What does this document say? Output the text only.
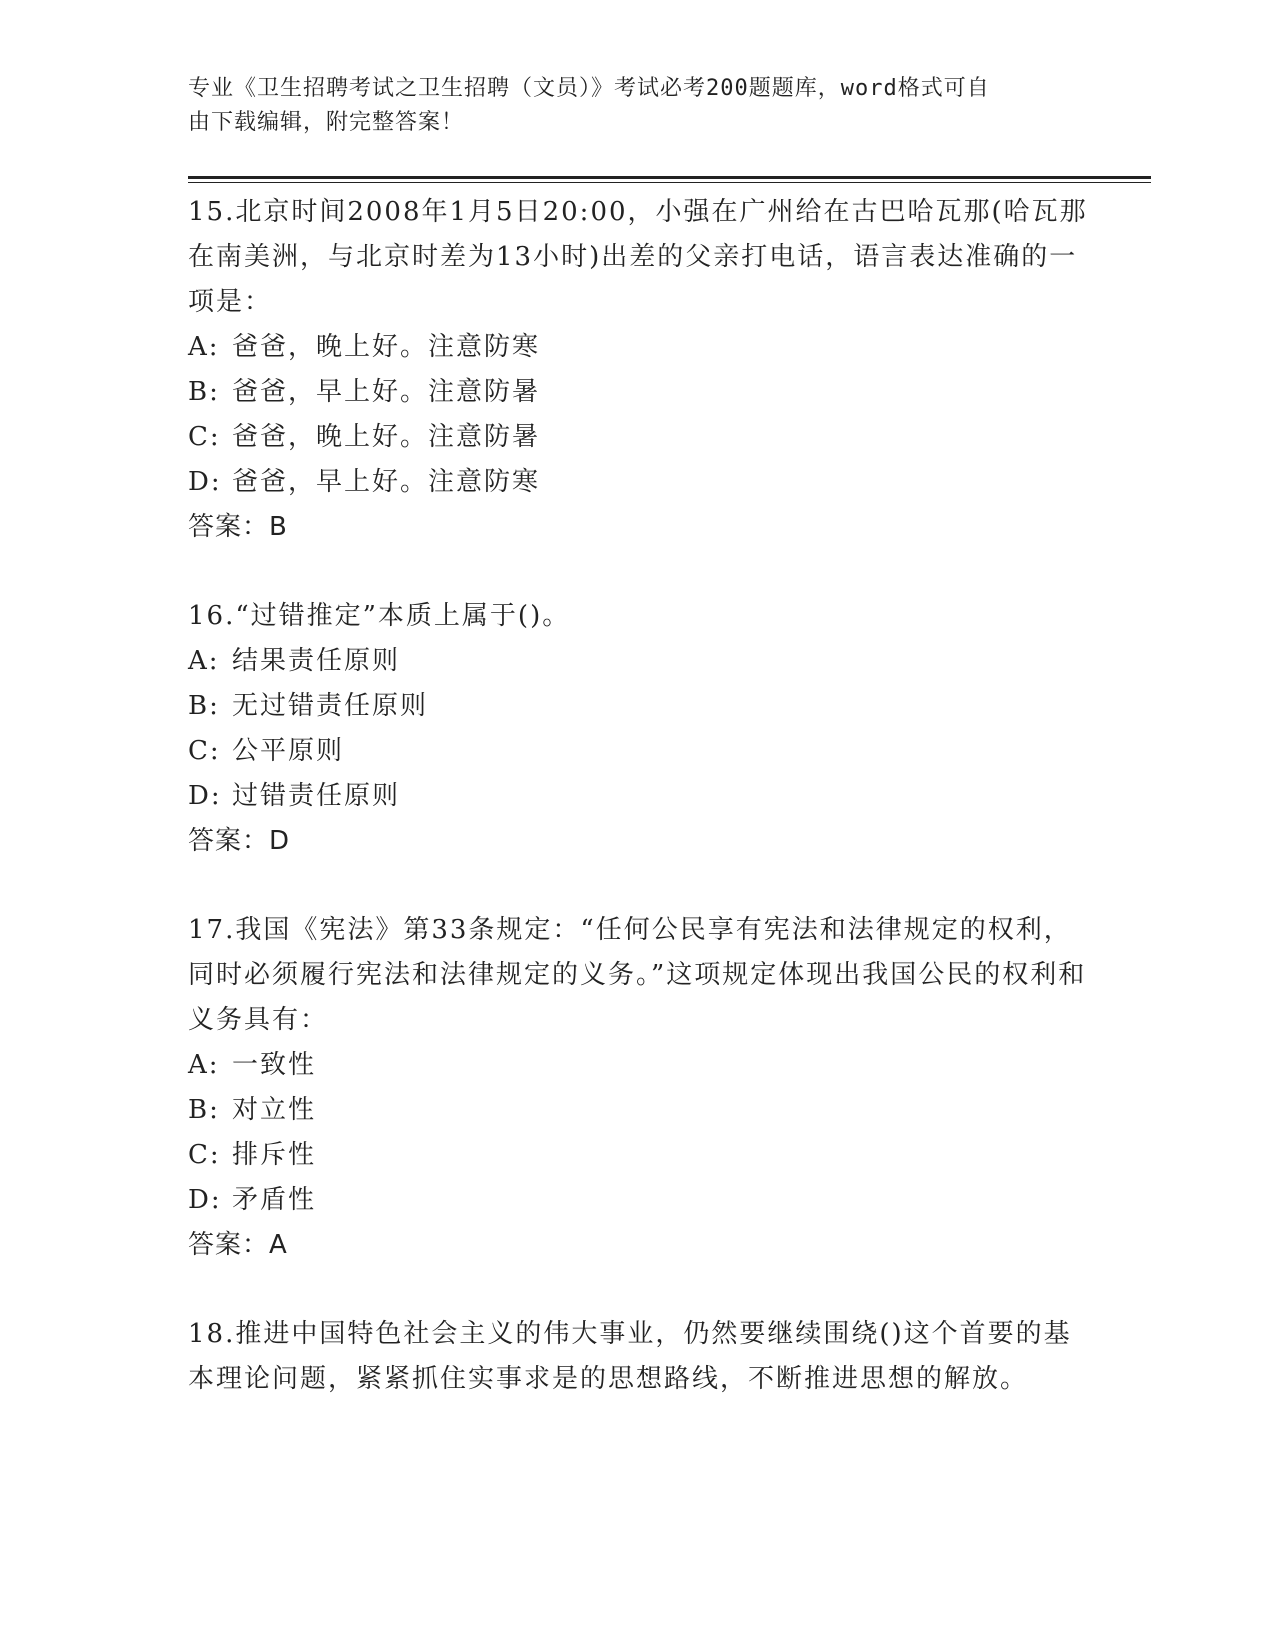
专业《卫生招聘考试之卫生招聘（文员）》考试必考200题题库，word格式可自
由下载编辑，附完整答案！
15.北京时间2008年1月5日20:00，小强在广州给在古巴哈瓦那(哈瓦那在南美洲，与北京时差为13小时)出差的父亲打电话，语言表达准确的一项是：
A: 爸爸，晚上好。注意防寒
B: 爸爸，早上好。注意防暑
C: 爸爸，晚上好。注意防暑
D: 爸爸，早上好。注意防寒
答案：B
16.“过错推定”本质上属于()。
A: 结果责任原则
B: 无过错责任原则
C: 公平原则
D: 过错责任原则
答案：D
17.我国《宪法》第33条规定：“任何公民享有宪法和法律规定的权利，同时必须履行宪法和法律规定的义务。”这项规定体现出我国公民的权利和义务具有：
A: 一致性
B: 对立性
C: 排斥性
D: 矛盾性
答案：A
18.推进中国特色社会主义的伟大事业，仍然要继续围绕()这个首要的基本理论问题，紧紧抓住实事求是的思想路线，不断推进思想的解放。
